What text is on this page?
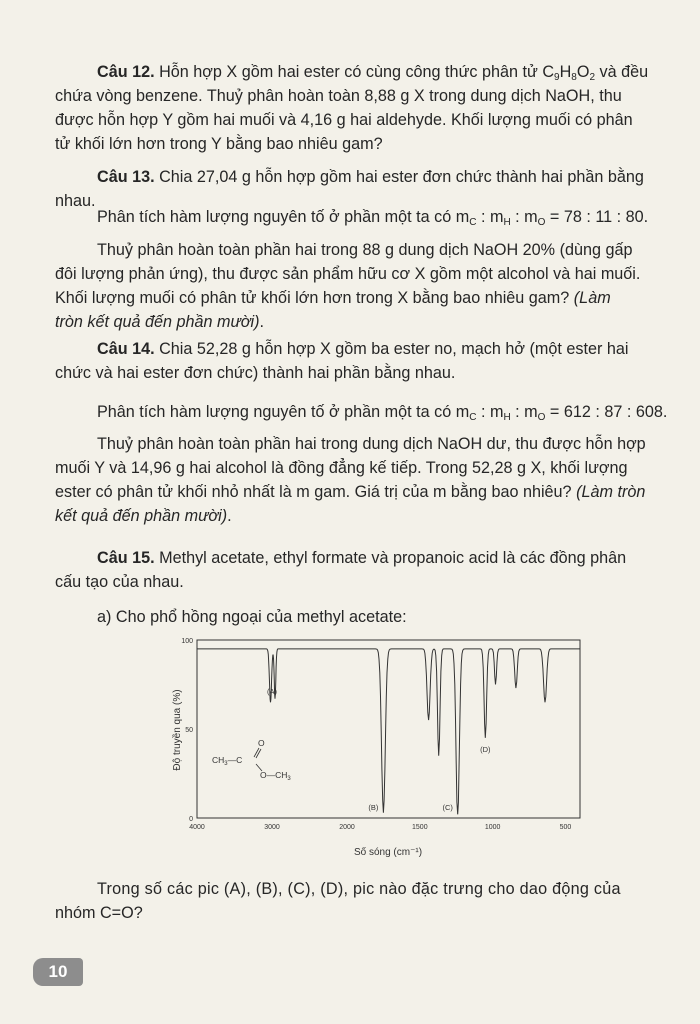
Câu 12. Hỗn hợp X gồm hai ester có cùng công thức phân tử $C_9H_8O_2$ và đều

chứa vòng benzene. Thuỷ phân hoàn toàn 8,88 g X trong dung dịch NaOH, thu

được hỗn hợp Y gồm hai muối và 4,16 g hai aldehyde. Khối lượng muối có phân

tử khối lớn hơn trong Y bằng bao nhiêu gam?

Câu 13. Chia 27,04 g hỗn hợp gồm hai ester đơn chức thành hai phần bằng nhau.

Phân tích hàm lượng nguyên tố ở phần một ta có $m_C$ : $m_H$ : $m_O = 78$ : 11 : 80.

Thuỷ phân hoàn toàn phần hai trong 88 g dung dịch NaOH 20% (dùng gấp

đôi lượng phản ứng), thu được sản phẩm hữu cơ X gồm một alcohol và hai muối.

Khối lượng muối có phân tử khối lớn hơn trong X bằng bao nhiêu gam? (Làm

tròn kết quả đến phần mười).

Câu 14. Chia 52,28 g hỗn hợp X gồm ba ester no, mạch hở (một ester hai

chức và hai ester đơn chức) thành hai phần bằng nhau.

Phân tích hàm lượng nguyên tố ở phần một ta có $m_C$ : $m_H$ : $m_O = 612$ : 87 : 608.

Thuỷ phân hoàn toàn phần hai trong dung dịch NaOH dư, thu được hỗn hợp

muối Y và 14,96 g hai alcohol là đồng đẳng kế tiếp. Trong 52,28 g X, khối lượng

ester có phân tử khối nhỏ nhất là m gam. Giá trị của m bằng bao nhiêu? (Làm tròn

kết quả đến phần mười).

Câu 15. Methyl acetate, ethyl formate và propanoic acid là các đồng phân

cấu tạo của nhau.

a) Cho phổ hồng ngoại của methyl acetate:

4000	3000	2000	1500	1000	500
100
50
0
(A)
(B)	(C)
(D)
Số sóng (cm⁻¹)
Độ truyền qua (%)	$CH_3—C$
O
$O—CH_3$

Trong số các pic (A), (B), (C), (D), pic nào đặc trưng cho dao động của

nhóm C=O?

10
